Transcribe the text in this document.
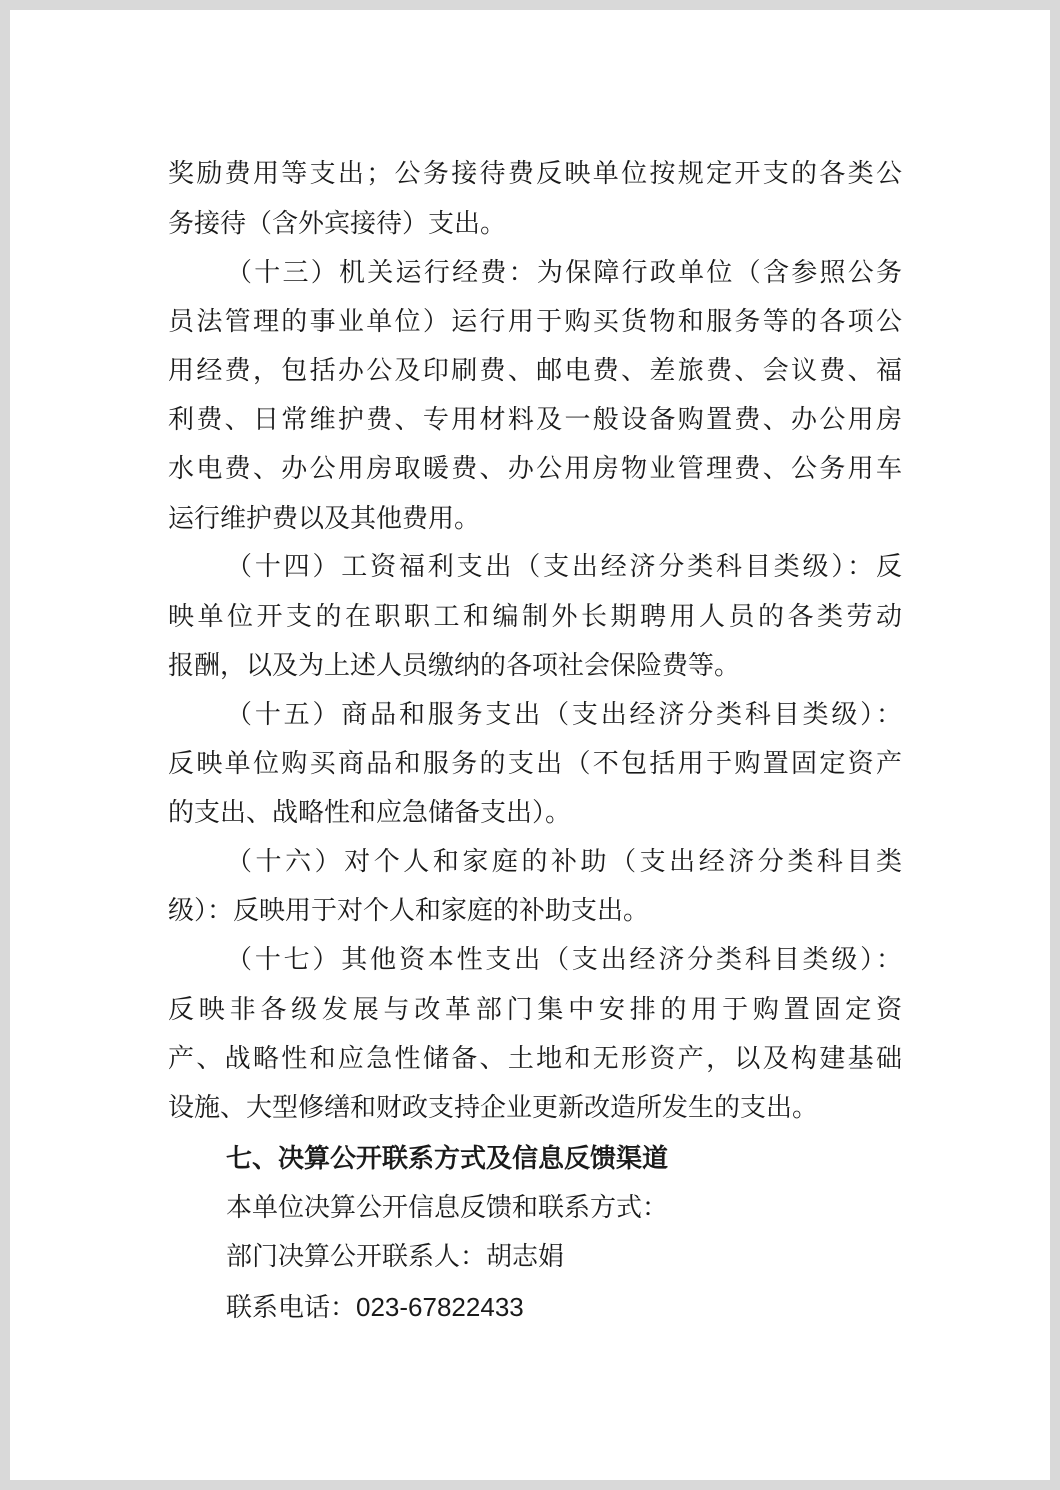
奖励费用等支出；公务接待费反映单位按规定开支的各类公
务接待（含外宾接待）支出。
（十三）机关运行经费：为保障行政单位（含参照公务
员法管理的事业单位）运行用于购买货物和服务等的各项公
用经费，包括办公及印刷费、邮电费、差旅费、会议费、福
利费、日常维护费、专用材料及一般设备购置费、办公用房
水电费、办公用房取暖费、办公用房物业管理费、公务用车
运行维护费以及其他费用。
（十四）工资福利支出（支出经济分类科目类级）：反
映单位开支的在职职工和编制外长期聘用人员的各类劳动
报酬，以及为上述人员缴纳的各项社会保险费等。
（十五）商品和服务支出（支出经济分类科目类级）：
反映单位购买商品和服务的支出（不包括用于购置固定资产
的支出、战略性和应急储备支出）。
（十六）对个人和家庭的补助（支出经济分类科目类
级）：反映用于对个人和家庭的补助支出。
（十七）其他资本性支出（支出经济分类科目类级）：
反映非各级发展与改革部门集中安排的用于购置固定资
产、战略性和应急性储备、土地和无形资产，以及构建基础
设施、大型修缮和财政支持企业更新改造所发生的支出。
七、决算公开联系方式及信息反馈渠道
本单位决算公开信息反馈和联系方式：
部门决算公开联系人：胡志娟
联系电话：023-67822433
